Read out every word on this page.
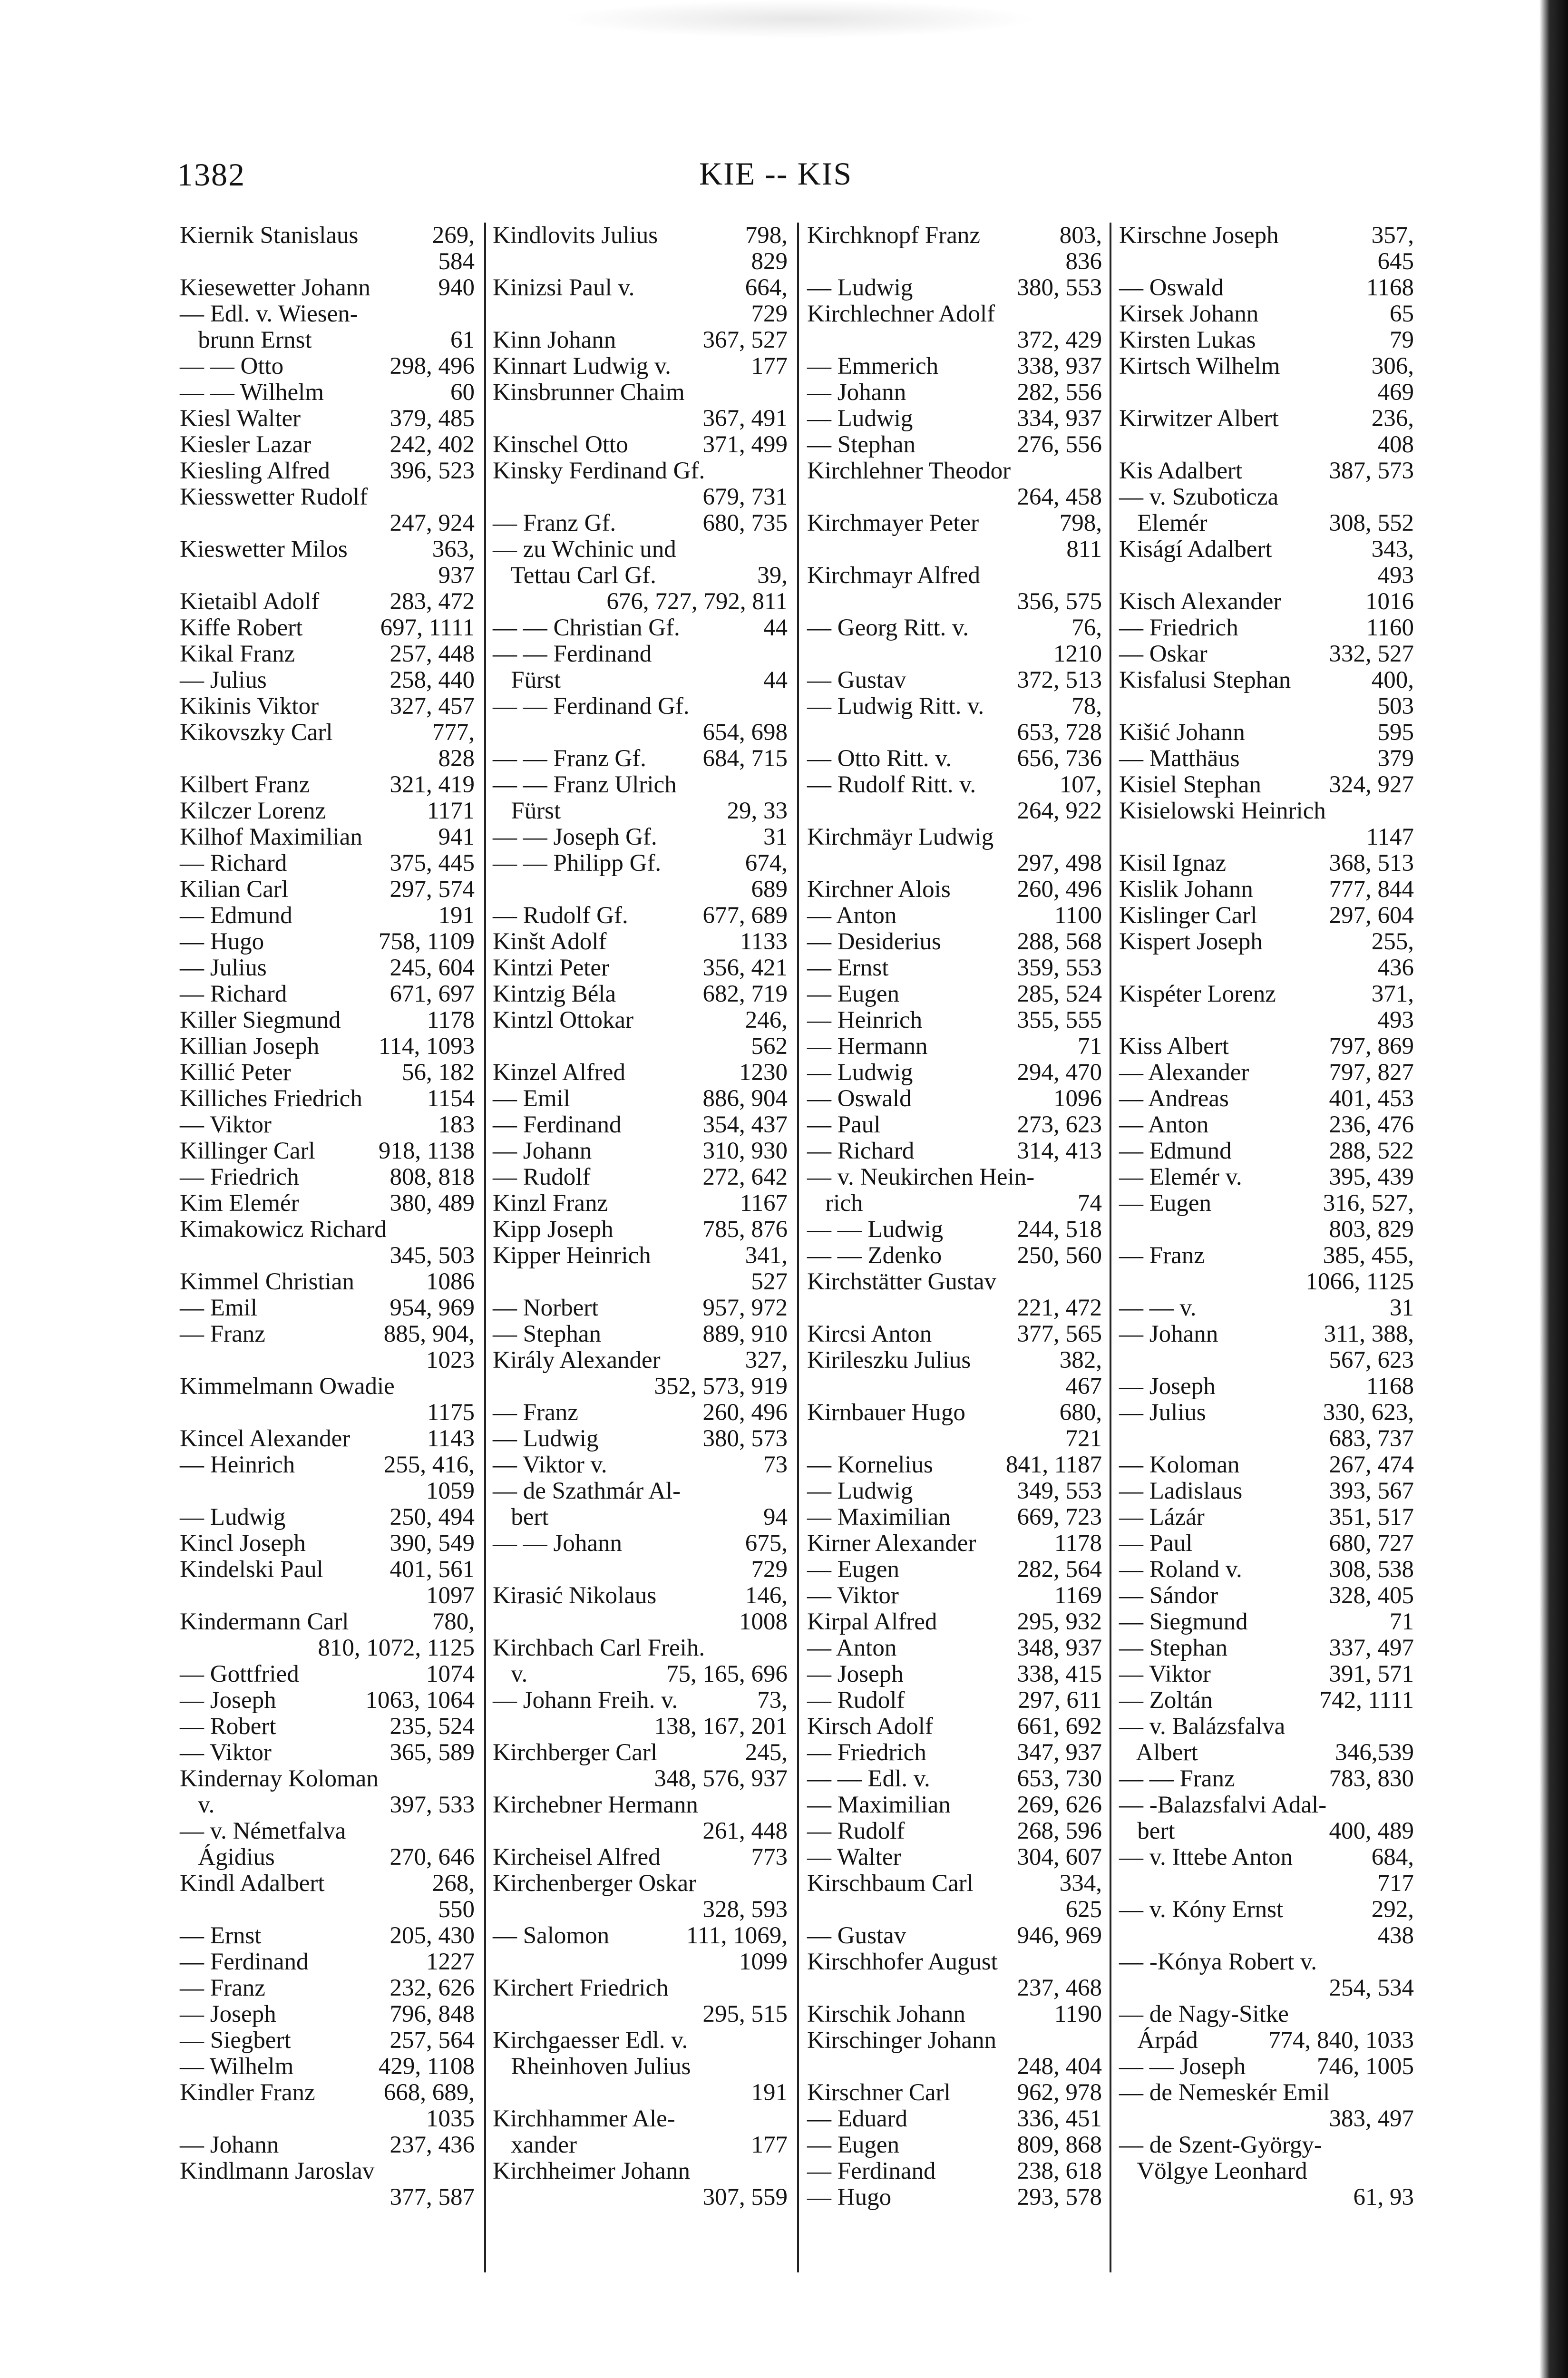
1382	KIE -- KIS
Kiernik Stanislaus	269,
584
Kiesewetter Johann	940
— Edl. v. Wiesen-
brunn Ernst	61
— — Otto	298, 496
— — Wilhelm	60
Kiesl Walter	379, 485
Kiesler Lazar	242, 402
Kiesling Alfred	396, 523
Kiesswetter Rudolf
247, 924
Kieswetter Milos	363,
937
Kietaibl Adolf	283, 472
Kiffe Robert	697, 1111
Kikal Franz	257, 448
— Julius	258, 440
Kikinis Viktor	327, 457
Kikovszky Carl	777,
828
Kilbert Franz	321, 419
Kilczer Lorenz	1171
Kilhof Maximilian	941
— Richard	375, 445
Kilian Carl	297, 574
— Edmund	191
— Hugo	758, 1109
— Julius	245, 604
— Richard	671, 697
Killer Siegmund	1178
Killian Joseph	114, 1093
Killić Peter	56, 182
Killiches Friedrich	1154
— Viktor	183
Killinger Carl	918, 1138
— Friedrich	808, 818
Kim Elemér	380, 489
Kimakowicz Richard
345, 503
Kimmel Christian	1086
— Emil	954, 969
— Franz	885, 904,
1023
Kimmelmann Owadie
1175
Kincel Alexander	1143
— Heinrich	255, 416,
1059
— Ludwig	250, 494
Kincl Joseph	390, 549
Kindelski Paul	401, 561
1097
Kindermann Carl	780,
810, 1072, 1125
— Gottfried	1074
— Joseph	1063, 1064
— Robert	235, 524
— Viktor	365, 589
Kindernay Koloman
v.	397, 533
— v. Németfalva
Ágidius	270, 646
Kindl Adalbert	268,
550
— Ernst	205, 430
— Ferdinand	1227
— Franz	232, 626
— Joseph	796, 848
— Siegbert	257, 564
— Wilhelm	429, 1108
Kindler Franz	668, 689,
1035
— Johann	237, 436
Kindlmann Jaroslav
377, 587
Kindlovits Julius	798,
829
Kinizsi Paul v.	664,
729
Kinn Johann	367, 527
Kinnart Ludwig v.	177
Kinsbrunner Chaim
367, 491
Kinschel Otto	371, 499
Kinsky Ferdinand Gf.
679, 731
— Franz Gf.	680, 735
— zu Wchinic und
Tettau Carl Gf.	39,
676, 727, 792, 811
— — Christian Gf.	44
— — Ferdinand
Fürst	44
— — Ferdinand Gf.
654, 698
— — Franz Gf.	684, 715
— — Franz Ulrich
Fürst	29, 33
— — Joseph Gf.	31
— — Philipp Gf.	674,
689
— Rudolf Gf.	677, 689
Kinšt Adolf	1133
Kintzi Peter	356, 421
Kintzig Béla	682, 719
Kintzl Ottokar	246,
562
Kinzel Alfred	1230
— Emil	886, 904
— Ferdinand	354, 437
— Johann	310, 930
— Rudolf	272, 642
Kinzl Franz	1167
Kipp Joseph	785, 876
Kipper Heinrich	341,
527
— Norbert	957, 972
— Stephan	889, 910
Király Alexander	327,
352, 573, 919
— Franz	260, 496
— Ludwig	380, 573
— Viktor v.	73
— de Szathmár Al-
bert	94
— — Johann	675,
729
Kirasić Nikolaus	146,
1008
Kirchbach Carl Freih.
v.	75, 165, 696
— Johann Freih. v.	73,
138, 167, 201
Kirchberger Carl	245,
348, 576, 937
Kirchebner Hermann
261, 448
Kircheisel Alfred	773
Kirchenberger Oskar
328, 593
— Salomon	111, 1069,
1099
Kirchert Friedrich
295, 515
Kirchgaesser Edl. v.
Rheinhoven Julius
191
Kirchhammer Ale-
xander	177
Kirchheimer Johann
307, 559
Kirchknopf Franz	803,
836
— Ludwig	380, 553
Kirchlechner Adolf
372, 429
— Emmerich	338, 937
— Johann	282, 556
— Ludwig	334, 937
— Stephan	276, 556
Kirchlehner Theodor
264, 458
Kirchmayer Peter	798,
811
Kirchmayr Alfred
356, 575
— Georg Ritt. v.	76,
1210
— Gustav	372, 513
— Ludwig Ritt. v.	78,
653, 728
— Otto Ritt. v.	656, 736
— Rudolf Ritt. v.	107,
264, 922
Kirchmäyr Ludwig
297, 498
Kirchner Alois	260, 496
— Anton	1100
— Desiderius	288, 568
— Ernst	359, 553
— Eugen	285, 524
— Heinrich	355, 555
— Hermann	71
— Ludwig	294, 470
— Oswald	1096
— Paul	273, 623
— Richard	314, 413
— v. Neukirchen Hein-
rich	74
— — Ludwig	244, 518
— — Zdenko	250, 560
Kirchstätter Gustav
221, 472
Kircsi Anton	377, 565
Kirileszku Julius	382,
467
Kirnbauer Hugo	680,
721
— Kornelius	841, 1187
— Ludwig	349, 553
— Maximilian	669, 723
Kirner Alexander	1178
— Eugen	282, 564
— Viktor	1169
Kirpal Alfred	295, 932
— Anton	348, 937
— Joseph	338, 415
— Rudolf	297, 611
Kirsch Adolf	661, 692
— Friedrich	347, 937
— — Edl. v.	653, 730
— Maximilian	269, 626
— Rudolf	268, 596
— Walter	304, 607
Kirschbaum Carl	334,
625
— Gustav	946, 969
Kirschhofer August
237, 468
Kirschik Johann	1190
Kirschinger Johann
248, 404
Kirschner Carl	962, 978
— Eduard	336, 451
— Eugen	809, 868
— Ferdinand	238, 618
— Hugo	293, 578
Kirschne Joseph	357,
645
— Oswald	1168
Kirsek Johann	65
Kirsten Lukas	79
Kirtsch Wilhelm	306,
469
Kirwitzer Albert	236,
408
Kis Adalbert	387, 573
— v. Szuboticza
Elemér	308, 552
Kiságí Adalbert	343,
493
Kisch Alexander	1016
— Friedrich	1160
— Oskar	332, 527
Kisfalusi Stephan	400,
503
Kišić Johann	595
— Matthäus	379
Kisiel Stephan	324, 927
Kisielowski Heinrich
1147
Kisil Ignaz	368, 513
Kislik Johann	777, 844
Kislinger Carl	297, 604
Kispert Joseph	255,
436
Kispéter Lorenz	371,
493
Kiss Albert	797, 869
— Alexander	797, 827
— Andreas	401, 453
— Anton	236, 476
— Edmund	288, 522
— Elemér v.	395, 439
— Eugen	316, 527,
803, 829
— Franz	385, 455,
1066, 1125
— — v.	31
— Johann	311, 388,
567, 623
— Joseph	1168
— Julius	330, 623,
683, 737
— Koloman	267, 474
— Ladislaus	393, 567
— Lázár	351, 517
— Paul	680, 727
— Roland v.	308, 538
— Sándor	328, 405
— Siegmund	71
— Stephan	337, 497
— Viktor	391, 571
— Zoltán	742, 1111
— v. Balázsfalva
Albert	346,539
— — Franz	783, 830
— -Balazsfalvi Adal-
bert	400, 489
— v. Ittebe Anton	684,
717
— v. Kóny Ernst	292,
438
— -Kónya Robert v.
254, 534
— de Nagy-Sitke
Árpád	774, 840, 1033
— — Joseph	746, 1005
— de Nemeskér Emil
383, 497
— de Szent-György-
Völgye Leonhard
61, 93
